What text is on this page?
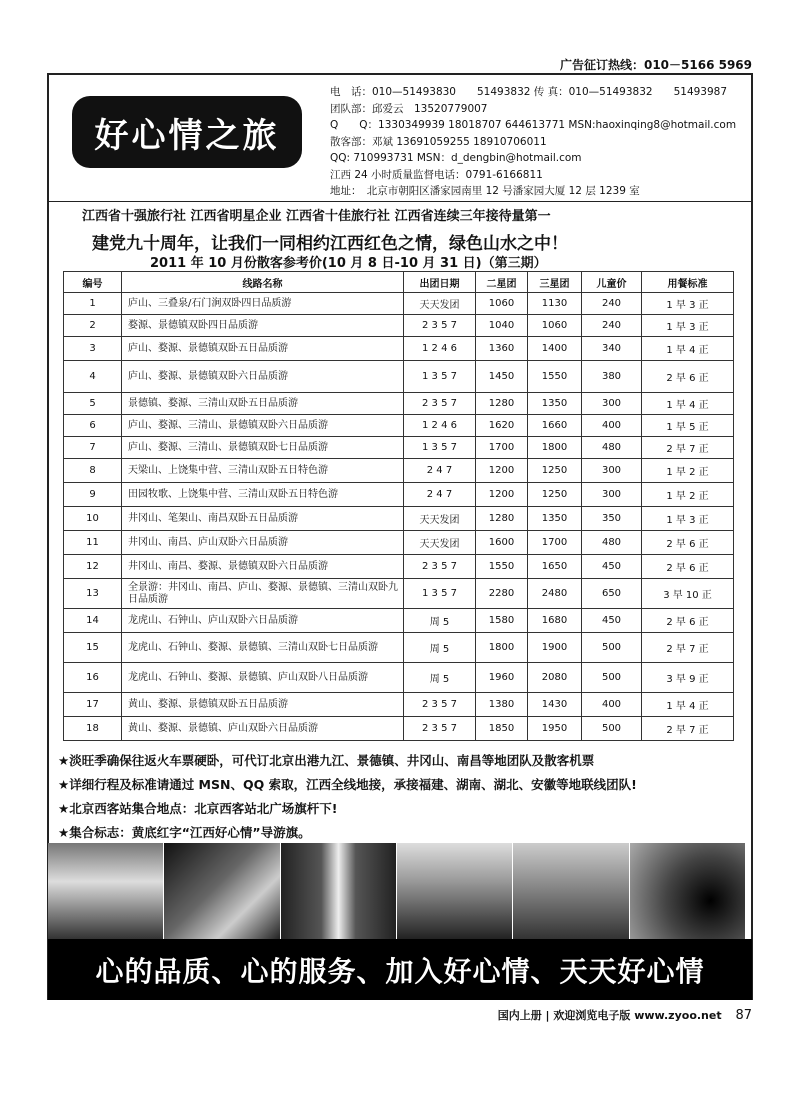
广告征订热线：010－5166 5969
好心情之旅
电　话：010—51493830　　51493832 传 真：010—51493832　　51493987
团队部：邱爱云　13520779007
Q　　Q：1330349939 18018707 644613771 MSN:haoxinqing8@hotmail.com
散客部：邓斌 13691059255 18910706011
QQ: 710993731 MSN：d_dengbin@hotmail.com
江西 24 小时质量监督电话：0791-6166811
地址：　北京市朝阳区潘家园南里 12 号潘家园大厦 12 层 1239 室
江西省十强旅行社 江西省明星企业 江西省十佳旅行社 江西省连续三年接待量第一
建党九十周年，让我们一同相约江西红色之情，绿色山水之中！
2011 年 10 月份散客参考价(10 月 8 日-10 月 31 日)（第三期）
编号	线路名称	出团日期	二星团	三星团	儿童价	用餐标准
1	庐山、三叠泉/石门涧双卧四日品质游	天天发团	1060	1130	240	1 早 3 正
2	婺源、景德镇双卧四日品质游	2 3 5 7	1040	1060	240	1 早 3 正
3	庐山、婺源、景德镇双卧五日品质游	1 2 4 6	1360	1400	340	1 早 4 正
4	庐山、婺源、景德镇双卧六日品质游	1 3 5 7	1450	1550	380	2 早 6 正
5	景德镇、婺源、三清山双卧五日品质游	2 3 5 7	1280	1350	300	1 早 4 正
6	庐山、婺源、三清山、景德镇双卧六日品质游	1 2 4 6	1620	1660	400	1 早 5 正
7	庐山、婺源、三清山、景德镇双卧七日品质游	1 3 5 7	1700	1800	480	2 早 7 正
8	天梁山、上饶集中营、三清山双卧五日特色游	2 4 7	1200	1250	300	1 早 2 正
9	田园牧歌、上饶集中营、三清山双卧五日特色游	2 4 7	1200	1250	300	1 早 2 正
10	井冈山、笔架山、南昌双卧五日品质游	天天发团	1280	1350	350	1 早 3 正
11	井冈山、南昌、庐山双卧六日品质游	天天发团	1600	1700	480	2 早 6 正
12	井冈山、南昌、婺源、景德镇双卧六日品质游	2 3 5 7	1550	1650	450	2 早 6 正
13	全景游：井冈山、南昌、庐山、婺源、景德镇、三清山双卧九日品质游	1 3 5 7	2280	2480	650	3 早 10 正
14	龙虎山、石钟山、庐山双卧六日品质游	周 5	1580	1680	450	2 早 6 正
15	龙虎山、石钟山、婺源、景德镇、三清山双卧七日品质游	周 5	1800	1900	500	2 早 7 正
16	龙虎山、石钟山、婺源、景德镇、庐山双卧八日品质游	周 5	1960	2080	500	3 早 9 正
17	黄山、婺源、景德镇双卧五日品质游	2 3 5 7	1380	1430	400	1 早 4 正
18	黄山、婺源、景德镇、庐山双卧六日品质游	2 3 5 7	1850	1950	500	2 早 7 正
★淡旺季确保往返火车票硬卧，可代订北京出港九江、景德镇、井冈山、南昌等地团队及散客机票
★详细行程及标准请通过 MSN、QQ 索取，江西全线地接，承接福建、湖南、湖北、安徽等地联线团队!
★北京西客站集合地点：北京西客站北广场旗杆下!
★集合标志：黄底红字“江西好心情”导游旗。
心的品质、心的服务、加入好心情、天天好心情
国内上册 | 欢迎浏览电子版 www.zyoo.net 87
